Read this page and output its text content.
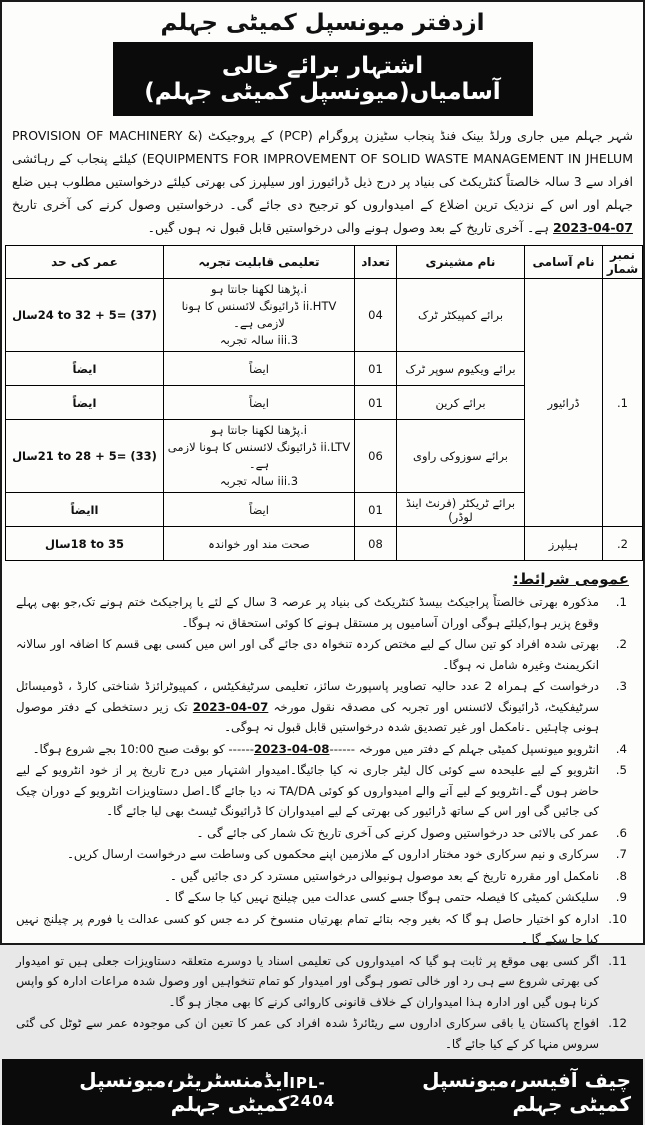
ازدفتر میونسپل کمیٹی جہلم
اشتہار برائے خالی آسامیاں(میونسپل کمیٹی جہلم)

شہر جہلم میں جاری ورلڈ بینک فنڈ پنجاب سٹیزن پروگرام (PCP) کے پروجیکٹ (PROVISION OF MACHINERY & EQUIPMENTS FOR IMPROVEMENT OF SOLID WASTE MANAGEMENT IN JHELUM) کیلئے پنجاب کے رہائشی افراد سے 3 سالہ خالصتاً کنٹریکٹ کی بنیاد پر درج ذیل ڈرائیورز اور سیلپرز کی بھرتی کیلئے درخواستیں مطلوب ہیں ضلع جہلم اور اس کے نزدیک ترین اضلاع کے امیدواروں کو ترجیح دی جائے گی۔ درخواستیں وصول کرنے کی آخری تاریخ 07-04-2023 ہے۔ آخری تاریخ کے بعد وصول ہونے والی درخواستیں قابل قبول نہ ہوں گیں۔

نمبر شمار	نام آسامی	نام مشینری	تعداد	تعلیمی قابلیت تجربہ	عمر کی حد
1.	ڈرائیور	برائے کمپیکٹر ٹرک	04	i.پڑھنا لکھنا جانتا ہو
ii.HTV ڈرائیونگ لائسنس کا ہونا لازمی ہے۔
iii.3 سالہ تجربہ	24 to 32 + 5= (37)سال
		برائے ویکیوم سوپر ٹرک	01	ایضاً	ایضاً
		برائے کرین	01	ایضاً	ایضاً
		برائے سوزوکی راوی	06	i.پڑھنا لکھنا جانتا ہو
ii.LTV ڈرائیونگ لائسنس کا ہونا لازمی ہے۔
iii.3 سالہ تجربہ	21 to 28 + 5= (33)سال
		برائے ٹریکٹر (فرنٹ اینڈ لوڈر)	01	ایضاً	اایضاً
2.	ہیلپرز		08	صحت مند اور خواندہ	18 to 35سال
عمومی شرائط:
1.
مذکورہ بھرتی خالصتاً پراجیکٹ بیسڈ کنٹریکٹ کی بنیاد پر عرصہ 3 سال کے لئے یا پراجیکٹ ختم ہونے تک,جو بھی پہلے وقوع پزیر ہوا,کیلئے ہوگی اوران آسامیوں پر مستقل ہونے کا کوئی استحقاق نہ ہوگا۔
2.
بھرتی شدہ افراد کو تین سال کے لیے مختص کردہ تنخواہ دی جائے گی اور اس میں کسی بھی قسم کا اضافہ اور سالانہ انکریمنٹ وغیرہ شامل نہ ہوگا۔
3.
درخواست کے ہمراہ 2 عدد حالیہ تصاویر پاسپورٹ سائز، تعلیمی سرٹیفکیٹس ، کمپیوٹرائزڈ شناختی کارڈ ، ڈومیسائل سرٹیفکیٹ، ڈرائیونگ لائسنس اور تجربہ کی مصدقہ نقول مورخہ 07-04-2023 تک زیر دستخطی کے دفتر موصول ہونی چاہئیں ۔نامکمل اور غیر تصدیق شدہ درخواستیں قابل قبول نہ ہوگی۔
4.
انٹرویو میونسپل کمیٹی جہلم کے دفتر میں مورخہ ------08-04-2023------ کو بوقت صبح 10:00 بجے شروع ہوگا۔
5.
انٹرویو کے لیے علیحدہ سے کوئی کال لیٹر جاری نہ کیا جائیگا۔امیدوار اشتہار میں درج تاریخ پر از خود انٹرویو کے لیے حاضر ہوں گے۔انٹرویو کے لیے آنے والے امیدواروں کو کوئی TA/DA نہ دیا جائے گا۔اصل دستاویزات انٹرویو کے دوران چیک کی جائیں گی اور اس کے ساتھ ڈرائیور کی بھرتی کے لیے امیدواران کا ڈرائیونگ ٹیسٹ بھی لیا جائے گا۔
6.
عمر کی بالائی حد درخواستیں وصول کرنے کی آخری تاریخ تک شمار کی جائے گی ۔
7.
سرکاری و نیم سرکاری خود مختار اداروں کے ملازمین اپنے محکموں کی وساطت سے درخواست ارسال کریں۔
8.
نامکمل اور مقررہ تاریخ کے بعد موصول ہونیوالی درخواستیں مسترد کر دی جائیں گیں ۔
9.
سلیکشن کمیٹی کا فیصلہ حتمی ہوگا جسے کسی عدالت میں چیلنج نہیں کیا جا سکے گا ۔
10.
ادارہ کو اختیار حاصل ہو گا کہ بغیر وجہ بتائے تمام بھرتیاں منسوخ کر دے جس کو کسی عدالت یا فورم پر چیلنج نہیں کیا جا سکے گا ۔
11.
اگر کسی بھی موقع پر ثابت ہو گیا کہ امیدواروں کی تعلیمی اسناد یا دوسرے متعلقہ دستاویزات جعلی ہیں تو امیدوار کی بھرتی شروع سے ہی رد اور خالی تصور ہوگی اور امیدوار کو تمام تنخواہیں اور وصول شدہ مراعات ادارہ کو واپس کرنا ہوں گیں اور ادارہ ہذا امیدواران کے خلاف قانونی کاروائی کرنے کا بھی مجاز ہو گا۔
12.
افواج پاکستان یا باقی سرکاری اداروں سے ریٹائرڈ شدہ افراد کی عمر کا تعین ان کی موجودہ عمر سے ٹوٹل کی گئی سروس منہا کر کے کیا جائے گا۔
چیف آفیسر،میونسپل کمیٹی جہلم
IPL-2404
ایڈمنسٹریٹر،میونسپل کمیٹی جہلم
